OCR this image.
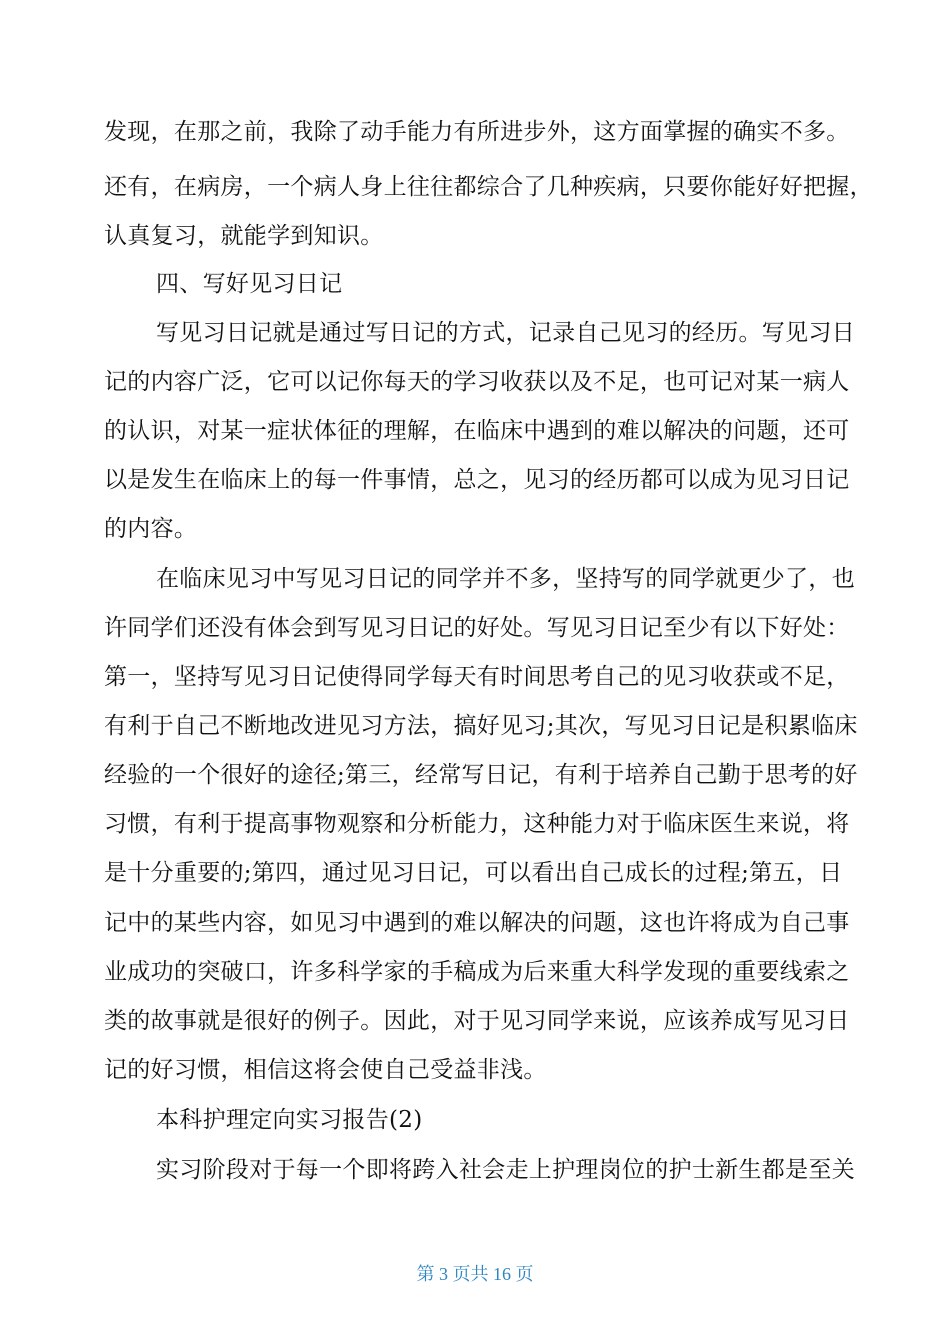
发现，在那之前，我除了动手能力有所进步外，这方面掌握的确实不多。
还有，在病房，一个病人身上往往都综合了几种疾病，只要你能好好把握，
认真复习，就能学到知识。
四、写好见习日记
写见习日记就是通过写日记的方式，记录自己见习的经历。写见习日
记的内容广泛，它可以记你每天的学习收获以及不足，也可记对某一病人
的认识，对某一症状体征的理解，在临床中遇到的难以解决的问题，还可
以是发生在临床上的每一件事情，总之，见习的经历都可以成为见习日记
的内容。
在临床见习中写见习日记的同学并不多，坚持写的同学就更少了，也
许同学们还没有体会到写见习日记的好处。写见习日记至少有以下好处：
第一，坚持写见习日记使得同学每天有时间思考自己的见习收获或不足，
有利于自己不断地改进见习方法，搞好见习;其次，写见习日记是积累临床
经验的一个很好的途径;第三，经常写日记，有利于培养自己勤于思考的好
习惯，有利于提高事物观察和分析能力，这种能力对于临床医生来说，将
是十分重要的;第四，通过见习日记，可以看出自己成长的过程;第五，日
记中的某些内容，如见习中遇到的难以解决的问题，这也许将成为自己事
业成功的突破口，许多科学家的手稿成为后来重大科学发现的重要线索之
类的故事就是很好的例子。因此，对于见习同学来说，应该养成写见习日
记的好习惯，相信这将会使自己受益非浅。
本科护理定向实习报告(2)
实习阶段对于每一个即将跨入社会走上护理岗位的护士新生都是至关
第 3 页共 16 页
